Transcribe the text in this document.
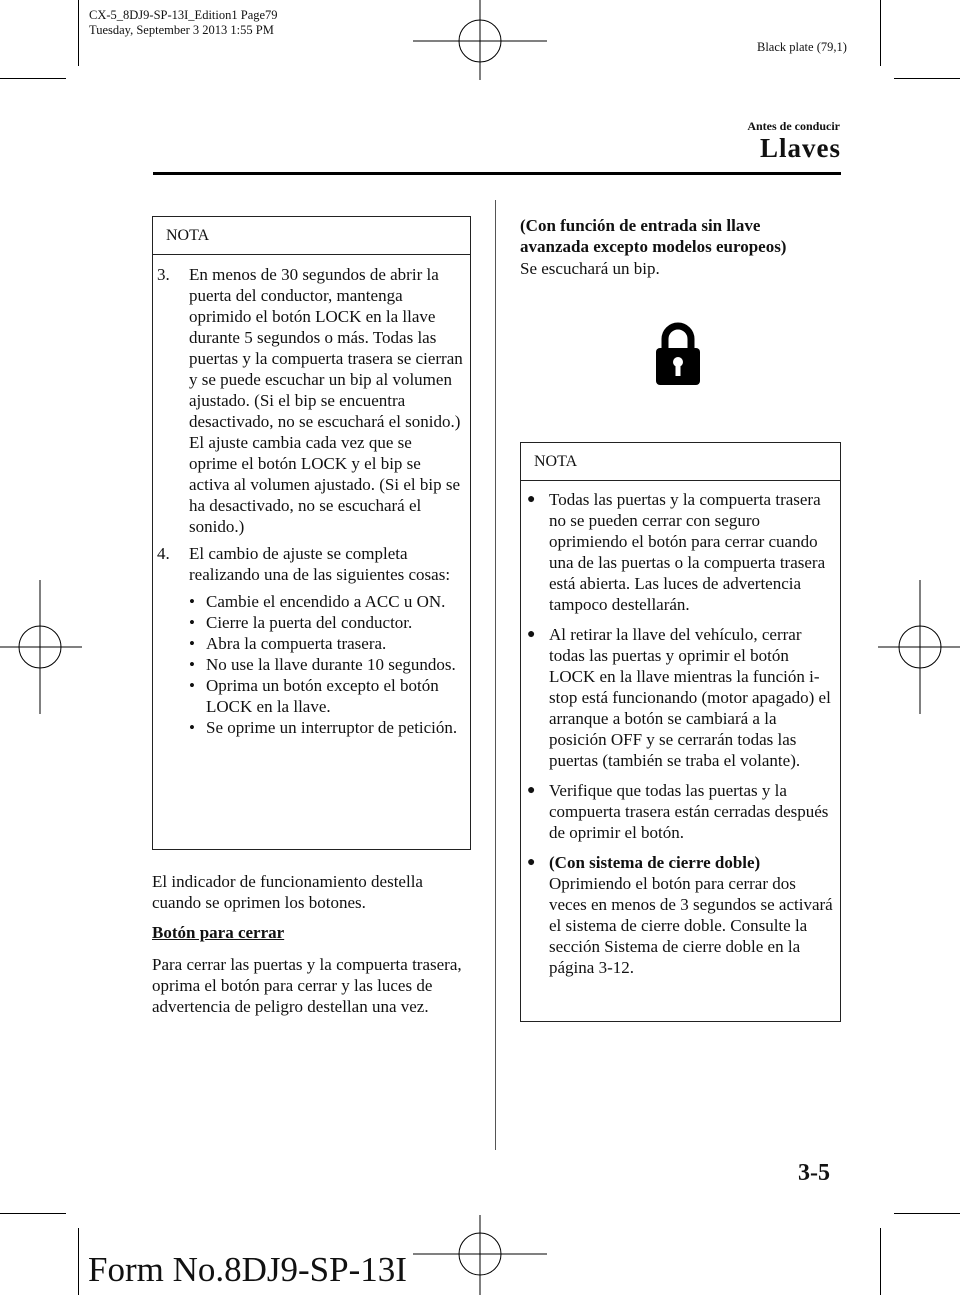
CX-5_8DJ9-SP-13I_Edition1 Page79
Tuesday, September 3 2013 1:55 PM
Black plate (79,1)
Antes de conducir
Llaves
NOTA
3. En menos de 30 segundos de abrir la puerta del conductor, mantenga oprimido el botón LOCK en la llave durante 5 segundos o más. Todas las puertas y la compuerta trasera se cierran y se puede escuchar un bip al volumen ajustado. (Si el bip se encuentra desactivado, no se escuchará el sonido.) El ajuste cambia cada vez que se oprime el botón LOCK y el bip se activa al volumen ajustado. (Si el bip se ha desactivado, no se escuchará el sonido.)
4. El cambio de ajuste se completa realizando una de las siguientes cosas:
• Cambie el encendido a ACC u ON.
• Cierre la puerta del conductor.
• Abra la compuerta trasera.
• No use la llave durante 10 segundos.
• Oprima un botón excepto el botón LOCK en la llave.
• Se oprime un interruptor de petición.
El indicador de funcionamiento destella cuando se oprimen los botones.
Botón para cerrar
Para cerrar las puertas y la compuerta trasera, oprima el botón para cerrar y las luces de advertencia de peligro destellan una vez.
(Con función de entrada sin llave avanzada excepto modelos europeos)
Se escuchará un bip.
NOTA
● Todas las puertas y la compuerta trasera no se pueden cerrar con seguro oprimiendo el botón para cerrar cuando una de las puertas o la compuerta trasera está abierta. Las luces de advertencia tampoco destellarán.
● Al retirar la llave del vehículo, cerrar todas las puertas y oprimir el botón LOCK en la llave mientras la función i-stop está funcionando (motor apagado) el arranque a botón se cambiará a la posición OFF y se cerrarán todas las puertas (también se traba el volante).
● Verifique que todas las puertas y la compuerta trasera están cerradas después de oprimir el botón.
● (Con sistema de cierre doble)
Oprimiendo el botón para cerrar dos veces en menos de 3 segundos se activará el sistema de cierre doble. Consulte la sección Sistema de cierre doble en la página 3-12.
3-5
Form No.8DJ9-SP-13I
